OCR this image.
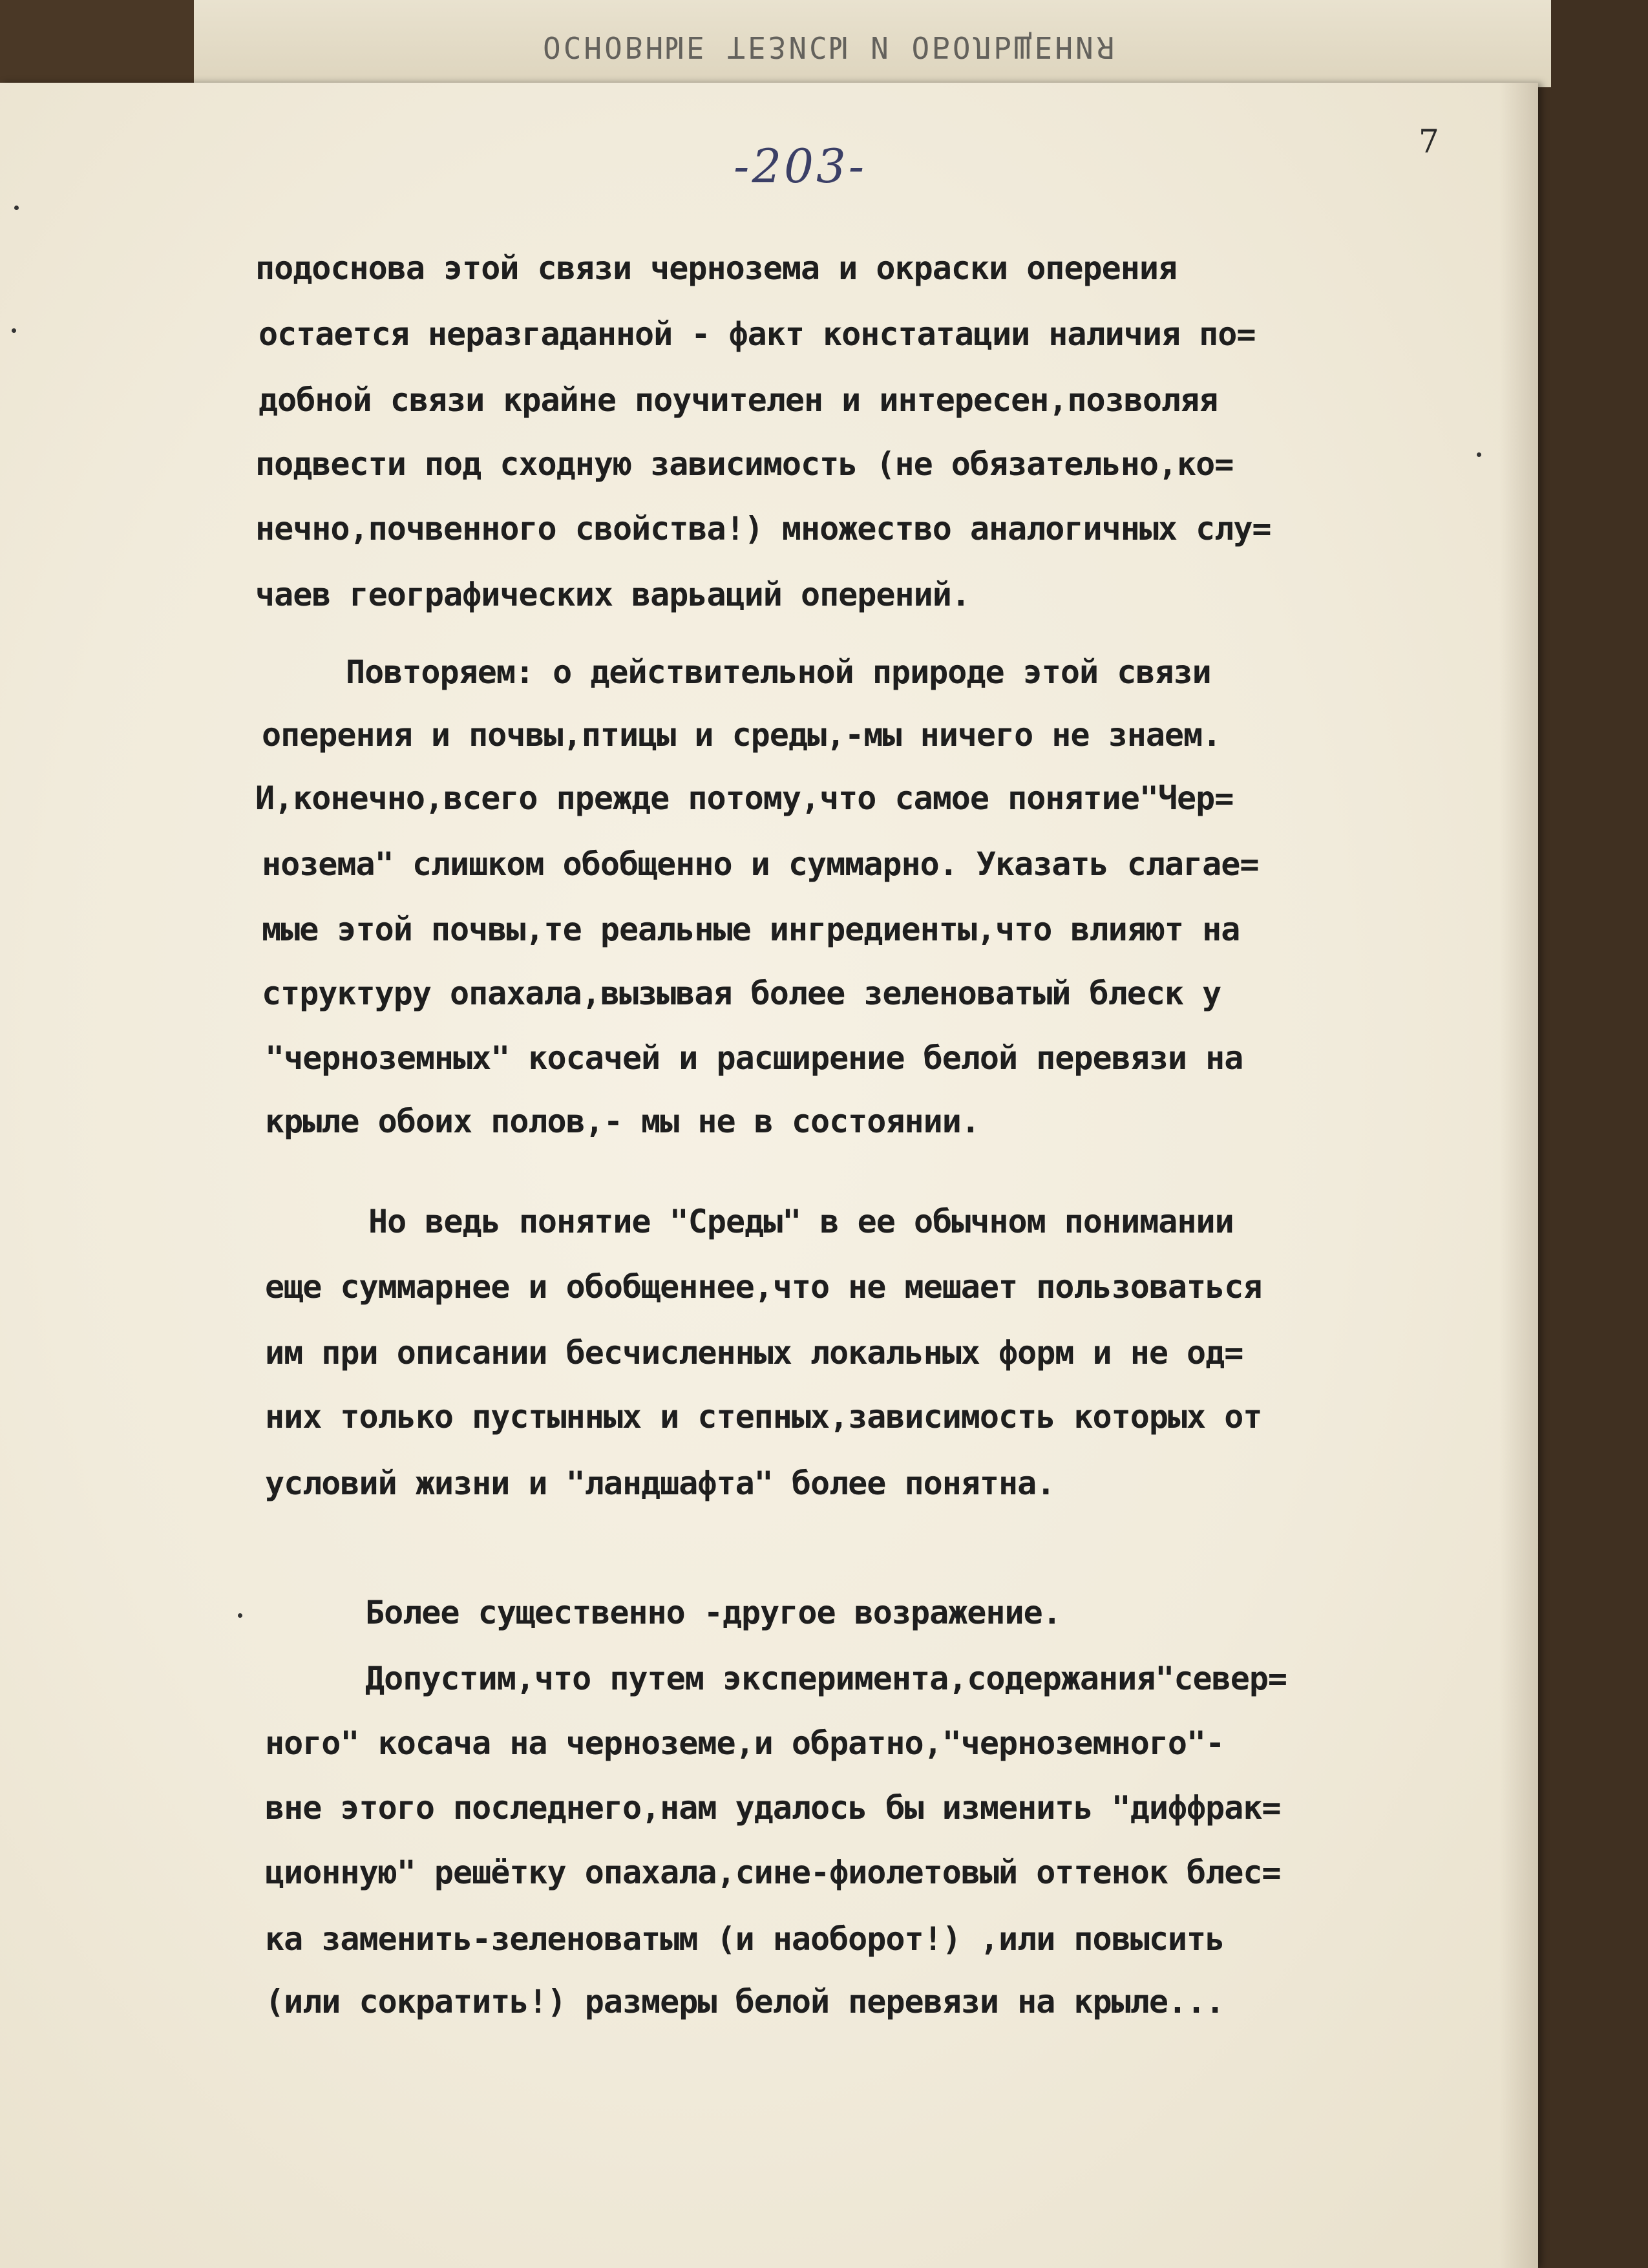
ОСНОВНЫЕ ТЕЗИСЫ И ОБОЛЬЩЕНИЯ
7
-203-
подоснова этой связи чернозема и окраски оперения
остается неразгаданной - факт констатации наличия по=
добной связи крайне поучителен и интересен,позволяя
подвести под сходную зависимость (не обязательно,ко=
нечно,почвенного свойства!) множество аналогичных слу=
чаев географических варьаций оперений.
Повторяем: о действительной природе этой связи
оперения и почвы,птицы и среды,-мы ничего не знаем.
И,конечно,всего прежде потому,что самое понятие"Чер=
нозема" слишком обобщенно и суммарно. Указать слагае=
мые этой почвы,те реальные ингредиенты,что влияют на
структуру опахала,вызывая более зеленоватый блеск у
"черноземных" косачей и расширение белой перевязи на
крыле обоих полов,- мы не в состоянии.
Но ведь понятие "Среды" в ее обычном понимании
еще суммарнее и обобщеннее,что не мешает пользоваться
им при описании бесчисленных локальных форм и не од=
них только пустынных и степных,зависимость которых от
условий жизни и "ландшафта" более понятна.
Более существенно -другое возражение.
Допустим,что путем эксперимента,содержания"север=
ного" косача на черноземе,и обратно,"черноземного"-
вне этого последнего,нам удалось бы изменить "диффрак=
ционную" решётку опахала,сине-фиолетовый оттенок блес=
ка заменить-зеленоватым (и наоборот!) ,или повысить
(или сократить!) размеры белой перевязи на крыле...
